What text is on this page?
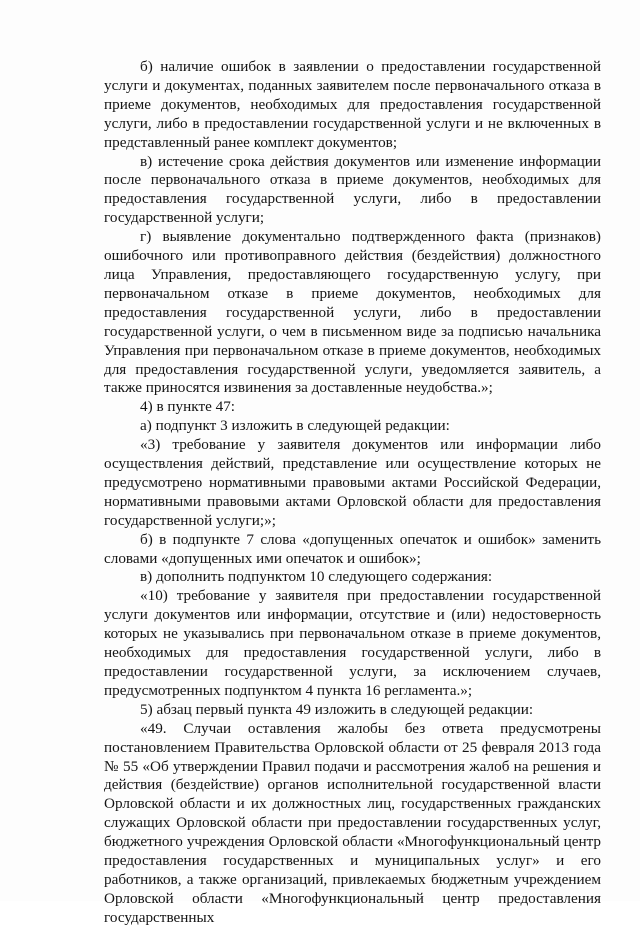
б) наличие ошибок в заявлении о предоставлении государственной услуги и документах, поданных заявителем после первоначального отказа в приеме документов, необходимых для предоставления государственной услуги, либо в предоставлении государственной услуги и не включенных в представленный ранее комплект документов;

в) истечение срока действия документов или изменение информации после первоначального отказа в приеме документов, необходимых для предоставления государственной услуги, либо в предоставлении государственной услуги;

г) выявление документально подтвержденного факта (признаков) ошибочного или противоправного действия (бездействия) должностного лица Управления, предоставляющего государственную услугу, при первоначальном отказе в приеме документов, необходимых для предоставления государственной услуги, либо в предоставлении государственной услуги, о чем в письменном виде за подписью начальника Управления при первоначальном отказе в приеме документов, необходимых для предоставления государственной услуги, уведомляется заявитель, а также приносятся извинения за доставленные неудобства.»;

4) в пункте 47:

а) подпункт 3 изложить в следующей редакции:

«3) требование у заявителя документов или информации либо осуществления действий, представление или осуществление которых не предусмотрено нормативными правовыми актами Российской Федерации, нормативными правовыми актами Орловской области для предоставления государственной услуги;»;

б) в подпункте 7 слова «допущенных опечаток и ошибок» заменить словами «допущенных ими опечаток и ошибок»;

в) дополнить подпунктом 10 следующего содержания:

«10) требование у заявителя при предоставлении государственной услуги документов или информации, отсутствие и (или) недостоверность которых не указывались при первоначальном отказе в приеме документов, необходимых для предоставления государственной услуги, либо в предоставлении государственной услуги, за исключением случаев, предусмотренных подпунктом 4 пункта 16 регламента.»;

5) абзац первый пункта 49 изложить в следующей редакции:

«49. Случаи оставления жалобы без ответа предусмотрены постановлением Правительства Орловской области от 25 февраля 2013 года № 55 «Об утверждении Правил подачи и рассмотрения жалоб на решения и действия (бездействие) органов исполнительной государственной власти Орловской области и их должностных лиц, государственных гражданских служащих Орловской области при предоставлении государственных услуг, бюджетного учреждения Орловской области «Многофункциональный центр предоставления государственных и муниципальных услуг» и его работников, а также организаций, привлекаемых бюджетным учреждением Орловской области «Многофункциональный центр предоставления государственных
